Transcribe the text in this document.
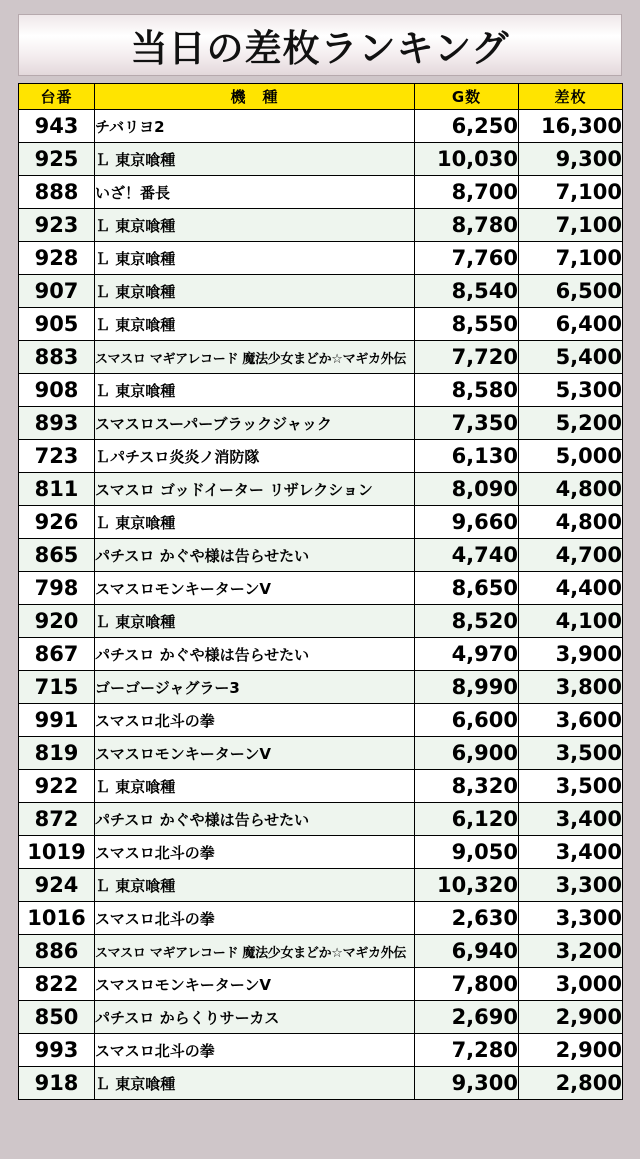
当日の差枚ランキング
台番	機　種	G数	差枚
943	チバリヨ2	6,250	16,300
925	Ｌ 東京喰種	10,030	9,300
888	いざ！番長	8,700	7,100
923	Ｌ 東京喰種	8,780	7,100
928	Ｌ 東京喰種	7,760	7,100
907	Ｌ 東京喰種	8,540	6,500
905	Ｌ 東京喰種	8,550	6,400
883	スマスロ マギアレコード 魔法少女まどか☆マギカ外伝	7,720	5,400
908	Ｌ 東京喰種	8,580	5,300
893	スマスロスーパーブラックジャック	7,350	5,200
723	Ｌパチスロ炎炎ノ消防隊	6,130	5,000
811	スマスロ ゴッドイーター リザレクション	8,090	4,800
926	Ｌ 東京喰種	9,660	4,800
865	パチスロ かぐや様は告らせたい	4,740	4,700
798	スマスロモンキーターンV	8,650	4,400
920	Ｌ 東京喰種	8,520	4,100
867	パチスロ かぐや様は告らせたい	4,970	3,900
715	ゴーゴージャグラー3	8,990	3,800
991	スマスロ北斗の拳	6,600	3,600
819	スマスロモンキーターンV	6,900	3,500
922	Ｌ 東京喰種	8,320	3,500
872	パチスロ かぐや様は告らせたい	6,120	3,400
1019	スマスロ北斗の拳	9,050	3,400
924	Ｌ 東京喰種	10,320	3,300
1016	スマスロ北斗の拳	2,630	3,300
886	スマスロ マギアレコード 魔法少女まどか☆マギカ外伝	6,940	3,200
822	スマスロモンキーターンV	7,800	3,000
850	パチスロ からくりサーカス	2,690	2,900
993	スマスロ北斗の拳	7,280	2,900
918	Ｌ 東京喰種	9,300	2,800
